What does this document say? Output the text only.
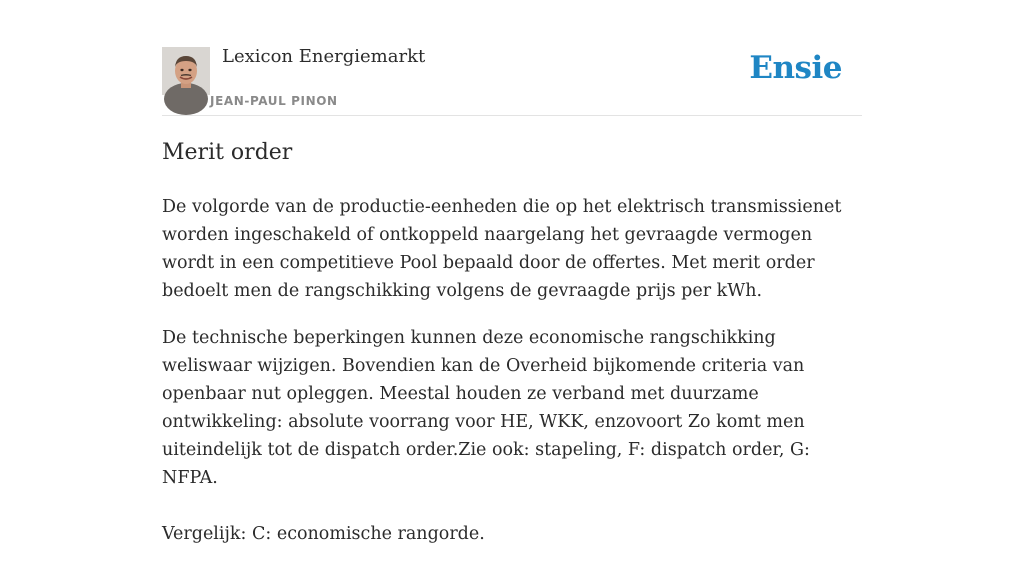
Lexicon Energiemarkt
JEAN-PAUL PINON
Ensie
Merit order

De volgorde van de productie-eenheden die op het elektrisch transmissienet worden ingeschakeld of ontkoppeld naargelang het gevraagde vermogen wordt in een competitieve Pool bepaald door de offertes. Met merit order bedoelt men de rangschikking volgens de gevraagde prijs per kWh.

De technische beperkingen kunnen deze economische rangschikking weliswaar wijzigen. Bovendien kan de Overheid bijkomende criteria van openbaar nut opleggen. Meestal houden ze verband met duurzame ontwikkeling: absolute voorrang voor HE, WKK, enzovoort Zo komt men uiteindelijk tot de dispatch order.Zie ook: stapeling, F: dispatch order, G: NFPA.

Vergelijk: C: economische rangorde.
